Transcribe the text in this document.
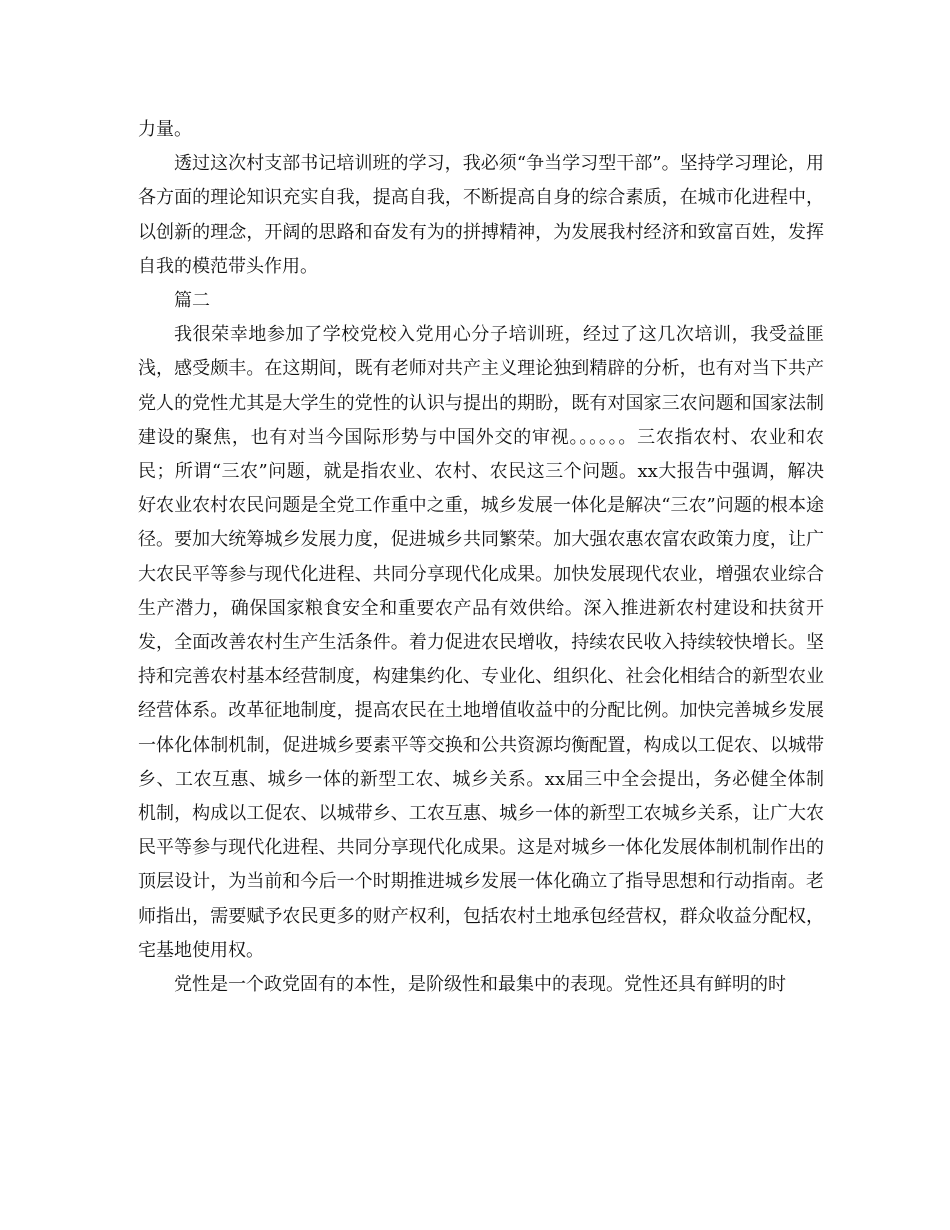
力量。

透过这次村支部书记培训班的学习，我必须“争当学习型干部”。坚持学习理论，用各方面的理论知识充实自我，提高自我，不断提高自身的综合素质，在城市化进程中，以创新的理念，开阔的思路和奋发有为的拼搏精神，为发展我村经济和致富百姓，发挥自我的模范带头作用。

篇二

我很荣幸地参加了学校党校入党用心分子培训班，经过了这几次培训，我受益匪浅，感受颇丰。在这期间，既有老师对共产主义理论独到精辟的分析，也有对当下共产党人的党性尤其是大学生的党性的认识与提出的期盼，既有对国家三农问题和国家法制建设的聚焦，也有对当今国际形势与中国外交的审视。。。。。。三农指农村、农业和农民；所谓“三农”问题，就是指农业、农村、农民这三个问题。xx大报告中强调，解决好农业农村农民问题是全党工作重中之重，城乡发展一体化是解决“三农”问题的根本途径。要加大统筹城乡发展力度，促进城乡共同繁荣。加大强农惠农富农政策力度，让广大农民平等参与现代化进程、共同分享现代化成果。加快发展现代农业，增强农业综合生产潜力，确保国家粮食安全和重要农产品有效供给。深入推进新农村建设和扶贫开发，全面改善农村生产生活条件。着力促进农民增收，持续农民收入持续较快增长。坚持和完善农村基本经营制度，构建集约化、专业化、组织化、社会化相结合的新型农业经营体系。改革征地制度，提高农民在土地增值收益中的分配比例。加快完善城乡发展一体化体制机制，促进城乡要素平等交换和公共资源均衡配置，构成以工促农、以城带乡、工农互惠、城乡一体的新型工农、城乡关系。xx届三中全会提出，务必健全体制机制，构成以工促农、以城带乡、工农互惠、城乡一体的新型工农城乡关系，让广大农民平等参与现代化进程、共同分享现代化成果。这是对城乡一体化发展体制机制作出的顶层设计，为当前和今后一个时期推进城乡发展一体化确立了指导思想和行动指南。老师指出，需要赋予农民更多的财产权利，包括农村土地承包经营权，群众收益分配权，宅基地使用权。

党性是一个政党固有的本性，是阶级性和最集中的表现。党性还具有鲜明的时
